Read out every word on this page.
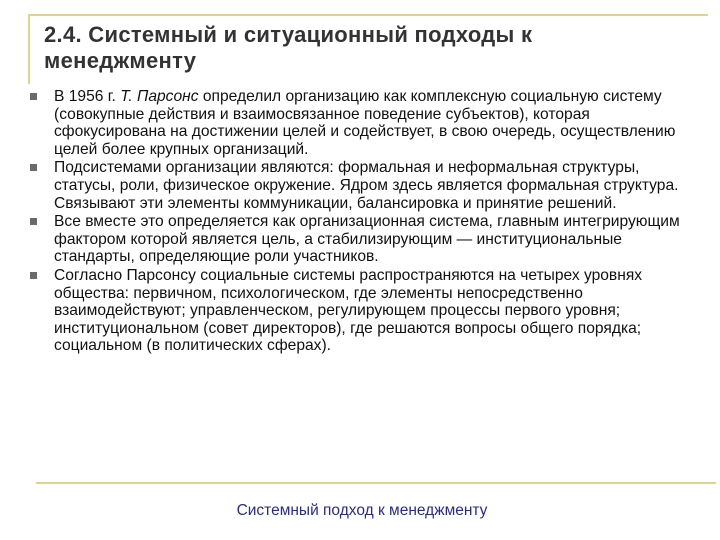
2.4. Системный и ситуационный подходы к менеджменту
В 1956 г. Т. Парсонс определил организацию как комплексную социальную систему (совокупные действия и взаимосвязанное поведение субъектов), которая сфокусирована на достижении целей и содействует, в свою очередь, осуществлению целей более крупных организаций.
Подсистемами организации являются: формальная и неформальная структуры, статусы, роли, физическое окружение. Ядром здесь является формальная структура. Связывают эти элементы коммуникации, балансировка и принятие решений.
Все вместе это определяется как организационная система, главным интегрирующим фактором которой является цель, а стабилизирующим — институциональные стандарты, определяющие роли участников.
Согласно Парсонсу социальные системы распространяются на четырех уровнях общества: первичном, психологическом, где элементы непосредственно взаимодействуют; управленческом, регулирующем процессы первого уровня; институциональном (совет директоров), где решаются вопросы общего порядка; социальном (в политических сферах).
Системный подход к менеджменту
